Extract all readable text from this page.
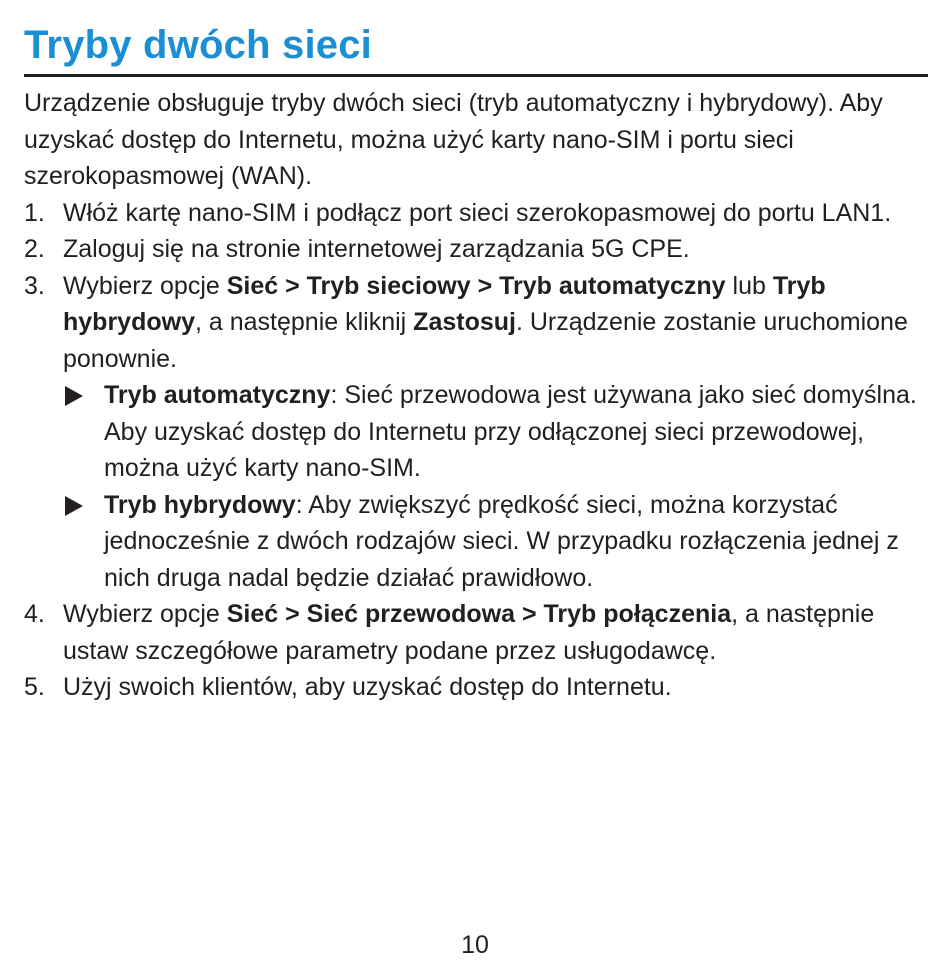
Tryby dwóch sieci

Urządzenie obsługuje tryby dwóch sieci (tryb automatyczny i hybrydowy). Aby uzyskać dostęp do Internetu, można użyć karty nano-SIM i portu sieci szerokopasmowej (WAN).

1. Włóż kartę nano-SIM i podłącz port sieci szerokopasmowej do portu LAN1.
2. Zaloguj się na stronie internetowej zarządzania 5G CPE.
3. Wybierz opcje Sieć > Tryb sieciowy > Tryb automatyczny lub Tryb hybrydowy, a następnie kliknij Zastosuj. Urządzenie zostanie uruchomione ponownie.
Tryb automatyczny: Sieć przewodowa jest używana jako sieć domyślna. Aby uzyskać dostęp do Internetu przy odłączonej sieci przewodowej, można użyć karty nano-SIM.
Tryb hybrydowy: Aby zwiększyć prędkość sieci, można korzystać jednocześnie z dwóch rodzajów sieci. W przypadku rozłączenia jednej z nich druga nadal będzie działać prawidłowo.
4. Wybierz opcje Sieć > Sieć przewodowa > Tryb połączenia, a następnie ustaw szczegółowe parametry podane przez usługodawcę.
5. Użyj swoich klientów, aby uzyskać dostęp do Internetu.
10
